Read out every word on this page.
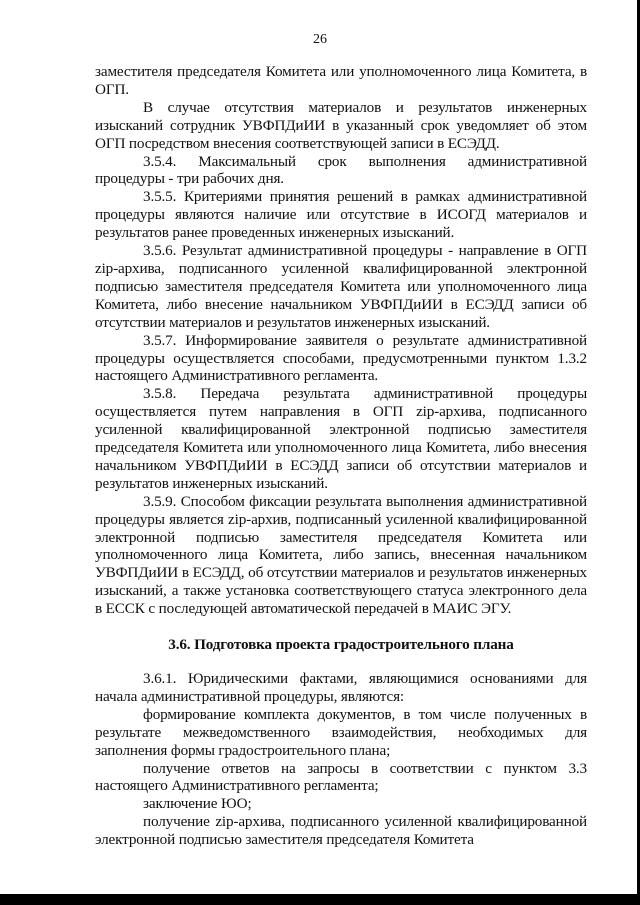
26

заместителя председателя Комитета или уполномоченного лица Комитета, в ОГП.

В случае отсутствия материалов и результатов инженерных изысканий сотрудник УВФПДиИИ в указанный срок уведомляет об этом ОГП посредством внесения соответствующей записи в ЕСЭДД.

3.5.4. Максимальный срок выполнения административной процедуры - три рабочих дня.

3.5.5. Критериями принятия решений в рамках административной процедуры являются наличие или отсутствие в ИСОГД материалов и результатов ранее проведенных инженерных изысканий.

3.5.6. Результат административной процедуры - направление в ОГП zip-архива, подписанного усиленной квалифицированной электронной подписью заместителя председателя Комитета или уполномоченного лица Комитета, либо внесение начальником УВФПДиИИ в ЕСЭДД записи об отсутствии материалов и результатов инженерных изысканий.

3.5.7. Информирование заявителя о результате административной процедуры осуществляется способами, предусмотренными пунктом 1.3.2 настоящего Административного регламента.

3.5.8. Передача результата административной процедуры осуществляется путем направления в ОГП zip-архива, подписанного усиленной квалифицированной электронной подписью заместителя председателя Комитета или уполномоченного лица Комитета, либо внесения начальником УВФПДиИИ в ЕСЭДД записи об отсутствии материалов и результатов инженерных изысканий.

3.5.9. Способом фиксации результата выполнения административной процедуры является zip-архив, подписанный усиленной квалифицированной электронной подписью заместителя председателя Комитета или уполномоченного лица Комитета, либо запись, внесенная начальником УВФПДиИИ в ЕСЭДД, об отсутствии материалов и результатов инженерных изысканий, а также установка соответствующего статуса электронного дела в ЕССК с последующей автоматической передачей в МАИС ЭГУ.

3.6. Подготовка проекта градостроительного плана

3.6.1. Юридическими фактами, являющимися основаниями для начала административной процедуры, являются:

формирование комплекта документов, в том числе полученных в результате межведомственного взаимодействия, необходимых для заполнения формы градостроительного плана;

получение ответов на запросы в соответствии с пунктом 3.3 настоящего Административного регламента;

заключение ЮО;

получение zip-архива, подписанного усиленной квалифицированной электронной подписью заместителя председателя Комитета
